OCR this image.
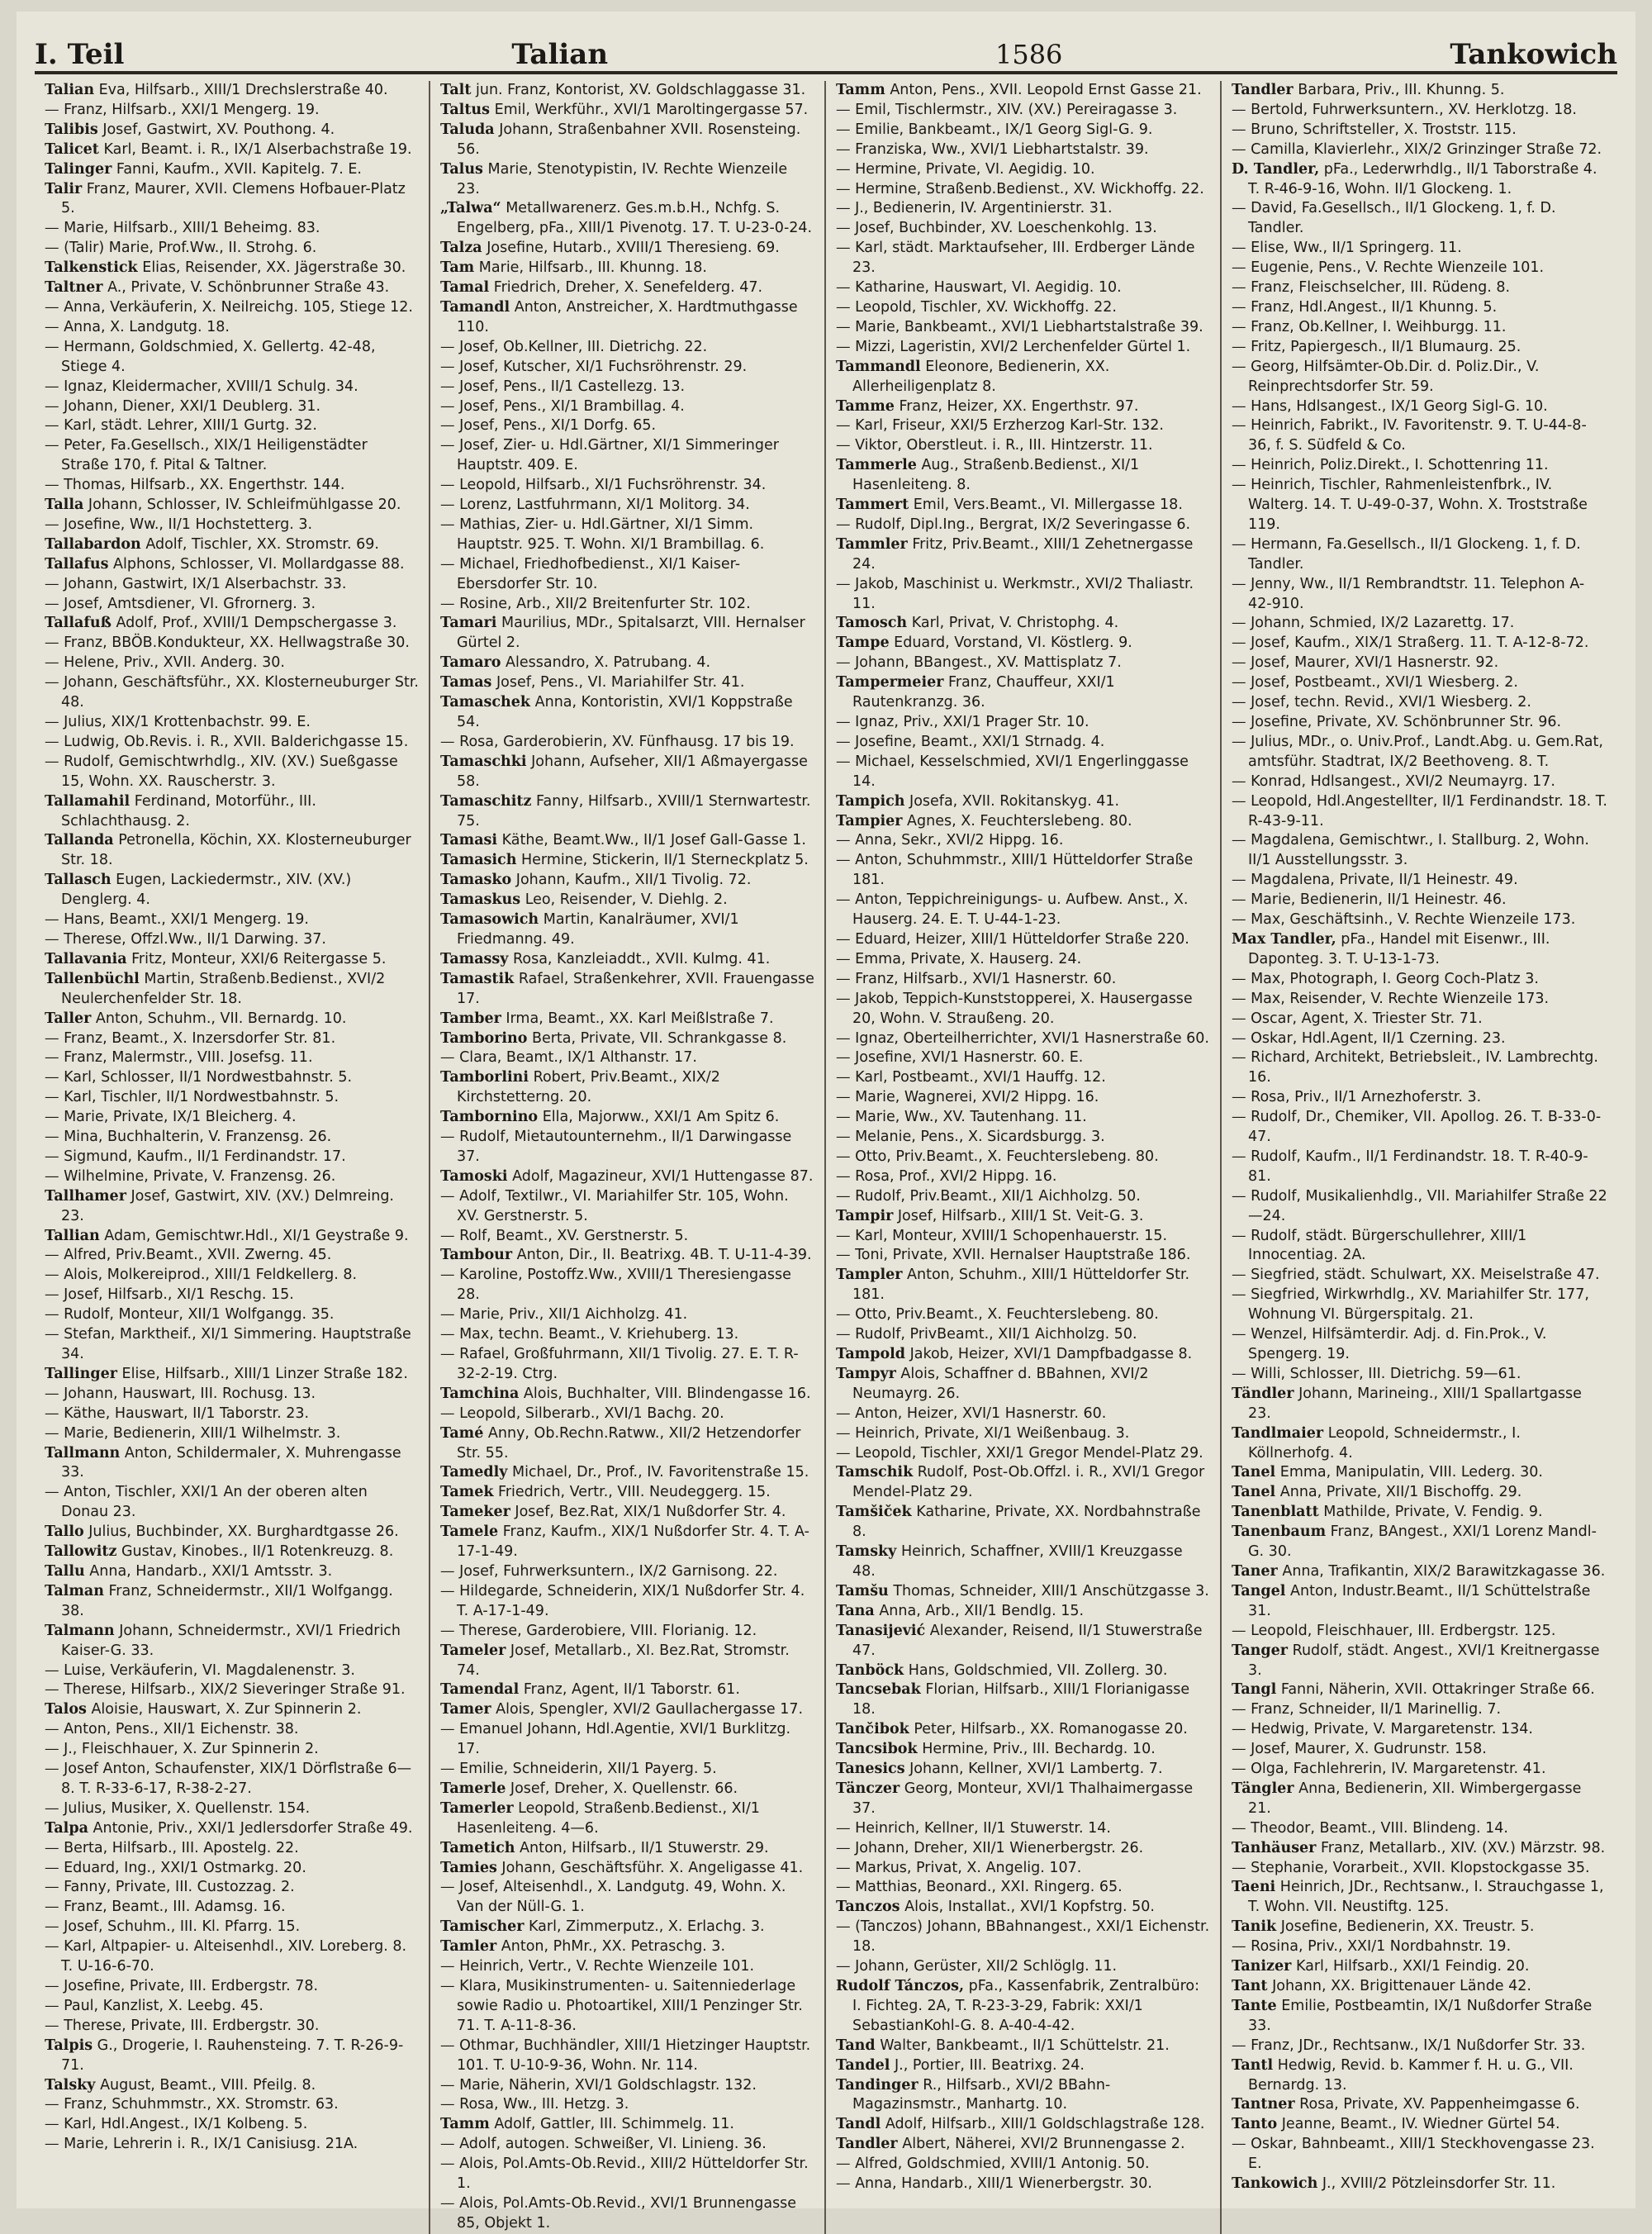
I. Teil	Talian	1586	Tankowich
Talian Eva, Hilfsarb., XIII/1 Drechslerstraße 40.
— Franz, Hilfsarb., XXI/1 Mengerg. 19.
Talibis Josef, Gastwirt, XV. Pouthong. 4.
Talicet Karl, Beamt. i. R., IX/1 Alserbachstraße 19.
Talinger Fanni, Kaufm., XVII. Kapitelg. 7. E.
Talir Franz, Maurer, XVII. Clemens Hofbauer-Platz 5.
— Marie, Hilfsarb., XIII/1 Beheimg. 83.
— (Talir) Marie, Prof.Ww., II. Strohg. 6.
Talkenstick Elias, Reisender, XX. Jägerstraße 30.
Taltner A., Private, V. Schönbrunner Straße 43.
— Anna, Verkäuferin, X. Neilreichg. 105, Stiege 12.
— Anna, X. Landgutg. 18.
— Hermann, Goldschmied, X. Gellertg. 42-48, Stiege 4.
— Ignaz, Kleidermacher, XVIII/1 Schulg. 34.
— Johann, Diener, XXI/1 Deublerg. 31.
— Karl, städt. Lehrer, XIII/1 Gurtg. 32.
— Peter, Fa.Gesellsch., XIX/1 Heiligenstädter Straße 170, f. Pital & Taltner.
— Thomas, Hilfsarb., XX. Engerthstr. 144.
Talla Johann, Schlosser, IV. Schleifmühlgasse 20.
— Josefine, Ww., II/1 Hochstetterg. 3.
Tallabardon Adolf, Tischler, XX. Stromstr. 69.
Tallafus Alphons, Schlosser, VI. Mollardgasse 88.
— Johann, Gastwirt, IX/1 Alserbachstr. 33.
— Josef, Amtsdiener, VI. Gfrornerg. 3.
Tallafuß Adolf, Prof., XVIII/1 Dempschergasse 3.
— Franz, BBÖB.Kondukteur, XX. Hellwagstraße 30.
— Helene, Priv., XVII. Anderg. 30.
— Johann, Geschäftsführ., XX. Klosterneuburger Str. 48.
— Julius, XIX/1 Krottenbachstr. 99. E.
— Ludwig, Ob.Revis. i. R., XVII. Balderichgasse 15.
— Rudolf, Gemischtwrhdlg., XIV. (XV.) Sueßgasse 15, Wohn. XX. Rauscherstr. 3.
Tallamahil Ferdinand, Motorführ., III. Schlachthausg. 2.
Tallanda Petronella, Köchin, XX. Klosterneuburger Str. 18.
Tallasch Eugen, Lackiedermstr., XIV. (XV.) Denglerg. 4.
— Hans, Beamt., XXI/1 Mengerg. 19.
— Therese, Offzl.Ww., II/1 Darwing. 37.
Tallavania Fritz, Monteur, XXI/6 Reitergasse 5.
Tallenbüchl Martin, Straßenb.Bedienst., XVI/2 Neulerchenfelder Str. 18.
Taller Anton, Schuhm., VII. Bernardg. 10.
— Franz, Beamt., X. Inzersdorfer Str. 81.
— Franz, Malermstr., VIII. Josefsg. 11.
— Karl, Schlosser, II/1 Nordwestbahnstr. 5.
— Karl, Tischler, II/1 Nordwestbahnstr. 5.
— Marie, Private, IX/1 Bleicherg. 4.
— Mina, Buchhalterin, V. Franzensg. 26.
— Sigmund, Kaufm., II/1 Ferdinandstr. 17.
— Wilhelmine, Private, V. Franzensg. 26.
Tallhamer Josef, Gastwirt, XIV. (XV.) Delmreing. 23.
Tallian Adam, Gemischtwr.Hdl., XI/1 Geystraße 9.
— Alfred, Priv.Beamt., XVII. Zwerng. 45.
— Alois, Molkereiprod., XIII/1 Feldkellerg. 8.
— Josef, Hilfsarb., XI/1 Reschg. 15.
— Rudolf, Monteur, XII/1 Wolfgangg. 35.
— Stefan, Marktheif., XI/1 Simmering. Hauptstraße 34.
Tallinger Elise, Hilfsarb., XIII/1 Linzer Straße 182.
— Johann, Hauswart, III. Rochusg. 13.
— Käthe, Hauswart, II/1 Taborstr. 23.
— Marie, Bedienerin, XIII/1 Wilhelmstr. 3.
Tallmann Anton, Schildermaler, X. Muhrengasse 33.
— Anton, Tischler, XXI/1 An der oberen alten Donau 23.
Tallo Julius, Buchbinder, XX. Burghardtgasse 26.
Tallowitz Gustav, Kinobes., II/1 Rotenkreuzg. 8.
Tallu Anna, Handarb., XXI/1 Amtsstr. 3.
Talman Franz, Schneidermstr., XII/1 Wolfgangg. 38.
Talmann Johann, Schneidermstr., XVI/1 Friedrich Kaiser-G. 33.
— Luise, Verkäuferin, VI. Magdalenenstr. 3.
— Therese, Hilfsarb., XIX/2 Sieveringer Straße 91.
Talos Aloisie, Hauswart, X. Zur Spinnerin 2.
— Anton, Pens., XII/1 Eichenstr. 38.
— J., Fleischhauer, X. Zur Spinnerin 2.
— Josef Anton, Schaufenster, XIX/1 Dörflstraße 6—8. T. R-33-6-17, R-38-2-27.
— Julius, Musiker, X. Quellenstr. 154.
Talpa Antonie, Priv., XXI/1 Jedlersdorfer Straße 49.
— Berta, Hilfsarb., III. Apostelg. 22.
— Eduard, Ing., XXI/1 Ostmarkg. 20.
— Fanny, Private, III. Custozzag. 2.
— Franz, Beamt., III. Adamsg. 16.
— Josef, Schuhm., III. Kl. Pfarrg. 15.
— Karl, Altpapier- u. Alteisenhdl., XIV. Loreberg. 8. T. U-16-6-70.
— Josefine, Private, III. Erdbergstr. 78.
— Paul, Kanzlist, X. Leebg. 45.
— Therese, Private, III. Erdbergstr. 30.
Talpis G., Drogerie, I. Rauhensteing. 7. T. R-26-9-71.
Talsky August, Beamt., VIII. Pfeilg. 8.
— Franz, Schuhmmstr., XX. Stromstr. 63.
— Karl, Hdl.Angest., IX/1 Kolbeng. 5.
— Marie, Lehrerin i. R., IX/1 Canisiusg. 21A.
Talt jun. Franz, Kontorist, XV. Goldschlaggasse 31.
Taltus Emil, Werkführ., XVI/1 Maroltingergasse 57.
Taluda Johann, Straßenbahner XVII. Rosensteing. 56.
Talus Marie, Stenotypistin, IV. Rechte Wienzeile 23.
„Talwa“ Metallwarenerz. Ges.m.b.H., Nchfg. S. Engelberg, pFa., XIII/1 Pivenotg. 17. T. U-23-0-24.
Talza Josefine, Hutarb., XVIII/1 Theresieng. 69.
Tam Marie, Hilfsarb., III. Khunng. 18.
Tamal Friedrich, Dreher, X. Senefelderg. 47.
Tamandl Anton, Anstreicher, X. Hardtmuthgasse 110.
— Josef, Ob.Kellner, III. Dietrichg. 22.
— Josef, Kutscher, XI/1 Fuchsröhrenstr. 29.
— Josef, Pens., II/1 Castellezg. 13.
— Josef, Pens., XI/1 Brambillag. 4.
— Josef, Pens., XI/1 Dorfg. 65.
— Josef, Zier- u. Hdl.Gärtner, XI/1 Simmeringer Hauptstr. 409. E.
— Leopold, Hilfsarb., XI/1 Fuchsröhrenstr. 34.
— Lorenz, Lastfuhrmann, XI/1 Molitorg. 34.
— Mathias, Zier- u. Hdl.Gärtner, XI/1 Simm. Hauptstr. 925. T. Wohn. XI/1 Brambillag. 6.
— Michael, Friedhofbedienst., XI/1 Kaiser-Ebersdorfer Str. 10.
— Rosine, Arb., XII/2 Breitenfurter Str. 102.
Tamari Maurilius, MDr., Spitalsarzt, VIII. Hernalser Gürtel 2.
Tamaro Alessandro, X. Patrubang. 4.
Tamas Josef, Pens., VI. Mariahilfer Str. 41.
Tamaschek Anna, Kontoristin, XVI/1 Koppstraße 54.
— Rosa, Garderobierin, XV. Fünfhausg. 17 bis 19.
Tamaschki Johann, Aufseher, XII/1 Aßmayergasse 58.
Tamaschitz Fanny, Hilfsarb., XVIII/1 Sternwartestr. 75.
Tamasi Käthe, Beamt.Ww., II/1 Josef Gall-Gasse 1.
Tamasich Hermine, Stickerin, II/1 Sterneckplatz 5.
Tamasko Johann, Kaufm., XII/1 Tivolig. 72.
Tamaskus Leo, Reisender, V. Diehlg. 2.
Tamasowich Martin, Kanalräumer, XVI/1 Friedmanng. 49.
Tamassy Rosa, Kanzleiaddt., XVII. Kulmg. 41.
Tamastik Rafael, Straßenkehrer, XVII. Frauengasse 17.
Tamber Irma, Beamt., XX. Karl Meißlstraße 7.
Tamborino Berta, Private, VII. Schrankgasse 8.
— Clara, Beamt., IX/1 Althanstr. 17.
Tamborlini Robert, Priv.Beamt., XIX/2 Kirchstetterng. 20.
Tambornino Ella, Majorww., XXI/1 Am Spitz 6.
— Rudolf, Mietautounternehm., II/1 Darwingasse 37.
Tamoski Adolf, Magazineur, XVI/1 Huttengasse 87.
— Adolf, Textilwr., VI. Mariahilfer Str. 105, Wohn. XV. Gerstnerstr. 5.
— Rolf, Beamt., XV. Gerstnerstr. 5.
Tambour Anton, Dir., II. Beatrixg. 4B. T. U-11-4-39.
— Karoline, Postoffz.Ww., XVIII/1 Theresiengasse 28.
— Marie, Priv., XII/1 Aichholzg. 41.
— Max, techn. Beamt., V. Kriehuberg. 13.
— Rafael, Großfuhrmann, XII/1 Tivolig. 27. E. T. R-32-2-19. Ctrg.
Tamchina Alois, Buchhalter, VIII. Blindengasse 16.
— Leopold, Silberarb., XVI/1 Bachg. 20.
Tamé Anny, Ob.Rechn.Ratww., XII/2 Hetzendorfer Str. 55.
Tamedly Michael, Dr., Prof., IV. Favoritenstraße 15.
Tamek Friedrich, Vertr., VIII. Neudeggerg. 15.
Tameker Josef, Bez.Rat, XIX/1 Nußdorfer Str. 4.
Tamele Franz, Kaufm., XIX/1 Nußdorfer Str. 4. T. A-17-1-49.
— Josef, Fuhrwerksuntern., IX/2 Garnisong. 22.
— Hildegarde, Schneiderin, XIX/1 Nußdorfer Str. 4. T. A-17-1-49.
— Therese, Garderobiere, VIII. Florianig. 12.
Tameler Josef, Metallarb., XI. Bez.Rat, Stromstr. 74.
Tamendal Franz, Agent, II/1 Taborstr. 61.
Tamer Alois, Spengler, XVI/2 Gaullachergasse 17.
— Emanuel Johann, Hdl.Agentie, XVI/1 Burklitzg. 17.
— Emilie, Schneiderin, XII/1 Payerg. 5.
Tamerle Josef, Dreher, X. Quellenstr. 66.
Tamerler Leopold, Straßenb.Bedienst., XI/1 Hasenleiteng. 4—6.
Tametich Anton, Hilfsarb., II/1 Stuwerstr. 29.
Tamies Johann, Geschäftsführ. X. Angeligasse 41.
— Josef, Alteisenhdl., X. Landgutg. 49, Wohn. X. Van der Nüll-G. 1.
Tamischer Karl, Zimmerputz., X. Erlachg. 3.
Tamler Anton, PhMr., XX. Petraschg. 3.
— Heinrich, Vertr., V. Rechte Wienzeile 101.
— Klara, Musikinstrumenten- u. Saitenniederlage sowie Radio u. Photoartikel, XIII/1 Penzinger Str. 71. T. A-11-8-36.
— Othmar, Buchhändler, XIII/1 Hietzinger Hauptstr. 101. T. U-10-9-36, Wohn. Nr. 114.
— Marie, Näherin, XVI/1 Goldschlagstr. 132.
— Rosa, Ww., III. Hetzg. 3.
Tamm Adolf, Gattler, III. Schimmelg. 11.
— Adolf, autogen. Schweißer, VI. Linieng. 36.
— Alois, Pol.Amts-Ob.Revid., XIII/2 Hütteldorfer Str. 1.
— Alois, Pol.Amts-Ob.Revid., XVI/1 Brunnengasse 85, Objekt 1.
Tamm Anton, Pens., XVII. Leopold Ernst Gasse 21.
— Emil, Tischlermstr., XIV. (XV.) Pereiragasse 3.
— Emilie, Bankbeamt., IX/1 Georg Sigl-G. 9.
— Franziska, Ww., XVI/1 Liebhartstalstr. 39.
— Hermine, Private, VI. Aegidig. 10.
— Hermine, Straßenb.Bedienst., XV. Wickhoffg. 22.
— J., Bedienerin, IV. Argentinierstr. 31.
— Josef, Buchbinder, XV. Loeschenkohlg. 13.
— Karl, städt. Marktaufseher, III. Erdberger Lände 23.
— Katharine, Hauswart, VI. Aegidig. 10.
— Leopold, Tischler, XV. Wickhoffg. 22.
— Marie, Bankbeamt., XVI/1 Liebhartstalstraße 39.
— Mizzi, Lageristin, XVI/2 Lerchenfelder Gürtel 1.
Tammandl Eleonore, Bedienerin, XX. Allerheiligenplatz 8.
Tamme Franz, Heizer, XX. Engerthstr. 97.
— Karl, Friseur, XXI/5 Erzherzog Karl-Str. 132.
— Viktor, Oberstleut. i. R., III. Hintzerstr. 11.
Tammerle Aug., Straßenb.Bedienst., XI/1 Hasenleiteng. 8.
Tammert Emil, Vers.Beamt., VI. Millergasse 18.
— Rudolf, Dipl.Ing., Bergrat, IX/2 Severingasse 6.
Tammler Fritz, Priv.Beamt., XIII/1 Zehetnergasse 24.
— Jakob, Maschinist u. Werkmstr., XVI/2 Thaliastr. 11.
Tamosch Karl, Privat, V. Christophg. 4.
Tampe Eduard, Vorstand, VI. Köstlerg. 9.
— Johann, BBangest., XV. Mattisplatz 7.
Tampermeier Franz, Chauffeur, XXI/1 Rautenkranzg. 36.
— Ignaz, Priv., XXI/1 Prager Str. 10.
— Josefine, Beamt., XXI/1 Strnadg. 4.
— Michael, Kesselschmied, XVI/1 Engerlinggasse 14.
Tampich Josefa, XVII. Rokitanskyg. 41.
Tampier Agnes, X. Feuchterslebeng. 80.
— Anna, Sekr., XVI/2 Hippg. 16.
— Anton, Schuhmmstr., XIII/1 Hütteldorfer Straße 181.
— Anton, Teppichreinigungs- u. Aufbew. Anst., X. Hauserg. 24. E. T. U-44-1-23.
— Eduard, Heizer, XIII/1 Hütteldorfer Straße 220.
— Emma, Private, X. Hauserg. 24.
— Franz, Hilfsarb., XVI/1 Hasnerstr. 60.
— Jakob, Teppich-Kunststopperei, X. Hausergasse 20, Wohn. V. Straußeng. 20.
— Ignaz, Oberteilherrichter, XVI/1 Hasnerstraße 60.
— Josefine, XVI/1 Hasnerstr. 60. E.
— Karl, Postbeamt., XVI/1 Hauffg. 12.
— Marie, Wagnerei, XVI/2 Hippg. 16.
— Marie, Ww., XV. Tautenhang. 11.
— Melanie, Pens., X. Sicardsburgg. 3.
— Otto, Priv.Beamt., X. Feuchterslebeng. 80.
— Rosa, Prof., XVI/2 Hippg. 16.
— Rudolf, Priv.Beamt., XII/1 Aichholzg. 50.
Tampir Josef, Hilfsarb., XIII/1 St. Veit-G. 3.
— Karl, Monteur, XVIII/1 Schopenhauerstr. 15.
— Toni, Private, XVII. Hernalser Hauptstraße 186.
Tampler Anton, Schuhm., XIII/1 Hütteldorfer Str. 181.
— Otto, Priv.Beamt., X. Feuchterslebeng. 80.
— Rudolf, PrivBeamt., XII/1 Aichholzg. 50.
Tampold Jakob, Heizer, XVI/1 Dampfbadgasse 8.
Tampyr Alois, Schaffner d. BBahnen, XVI/2 Neumayrg. 26.
— Anton, Heizer, XVI/1 Hasnerstr. 60.
— Heinrich, Private, XI/1 Weißenbaug. 3.
— Leopold, Tischler, XXI/1 Gregor Mendel-Platz 29.
Tamschik Rudolf, Post-Ob.Offzl. i. R., XVI/1 Gregor Mendel-Platz 29.
Tamšiček Katharine, Private, XX. Nordbahnstraße 8.
Tamsky Heinrich, Schaffner, XVIII/1 Kreuzgasse 48.
Tamšu Thomas, Schneider, XIII/1 Anschützgasse 3.
Tana Anna, Arb., XII/1 Bendlg. 15.
Tanasijević Alexander, Reisend, II/1 Stuwerstraße 47.
Tanböck Hans, Goldschmied, VII. Zollerg. 30.
Tancsebak Florian, Hilfsarb., XIII/1 Florianigasse 18.
Tančibok Peter, Hilfsarb., XX. Romanogasse 20.
Tancsibok Hermine, Priv., III. Bechardg. 10.
Tanesics Johann, Kellner, XVI/1 Lambertg. 7.
Tänczer Georg, Monteur, XVI/1 Thalhaimergasse 37.
— Heinrich, Kellner, II/1 Stuwerstr. 14.
— Johann, Dreher, XII/1 Wienerbergstr. 26.
— Markus, Privat, X. Angelig. 107.
— Matthias, Beonard., XXI. Ringerg. 65.
Tanczos Alois, Installat., XVI/1 Kopfstrg. 50.
— (Tanczos) Johann, BBahnangest., XXI/1 Eichenstr. 18.
— Johann, Gerüster, XII/2 Schlöglg. 11.
Rudolf Tánczos, pFa., Kassenfabrik, Zentralbüro: I. Fichteg. 2A, T. R-23-3-29, Fabrik: XXI/1 SebastianKohl-G. 8. A-40-4-42.
Tand Walter, Bankbeamt., II/1 Schüttelstr. 21.
Tandel J., Portier, III. Beatrixg. 24.
Tandinger R., Hilfsarb., XVI/2 BBahn-Magazinsmstr., Manhartg. 10.
Tandl Adolf, Hilfsarb., XIII/1 Goldschlagstraße 128.
Tandler Albert, Näherei, XVI/2 Brunnengasse 2.
— Alfred, Goldschmied, XVIII/1 Antonig. 50.
— Anna, Handarb., XIII/1 Wienerbergstr. 30.
Tandler Barbara, Priv., III. Khunng. 5.
— Bertold, Fuhrwerksuntern., XV. Herklotzg. 18.
— Bruno, Schriftsteller, X. Troststr. 115.
— Camilla, Klavierlehr., XIX/2 Grinzinger Straße 72.
D. Tandler, pFa., Lederwrhdlg., II/1 Taborstraße 4. T. R-46-9-16, Wohn. II/1 Glockeng. 1.
— David, Fa.Gesellsch., II/1 Glockeng. 1, f. D. Tandler.
— Elise, Ww., II/1 Springerg. 11.
— Eugenie, Pens., V. Rechte Wienzeile 101.
— Franz, Fleischselcher, III. Rüdeng. 8.
— Franz, Hdl.Angest., II/1 Khunng. 5.
— Franz, Ob.Kellner, I. Weihburgg. 11.
— Fritz, Papiergesch., II/1 Blumaurg. 25.
— Georg, Hilfsämter-Ob.Dir. d. Poliz.Dir., V. Reinprechtsdorfer Str. 59.
— Hans, Hdlsangest., IX/1 Georg Sigl-G. 10.
— Heinrich, Fabrikt., IV. Favoritenstr. 9. T. U-44-8-36, f. S. Südfeld & Co.
— Heinrich, Poliz.Direkt., I. Schottenring 11.
— Heinrich, Tischler, Rahmenleistenfbrk., IV. Walterg. 14. T. U-49-0-37, Wohn. X. Troststraße 119.
— Hermann, Fa.Gesellsch., II/1 Glockeng. 1, f. D. Tandler.
— Jenny, Ww., II/1 Rembrandtstr. 11. Telephon A-42-910.
— Johann, Schmied, IX/2 Lazarettg. 17.
— Josef, Kaufm., XIX/1 Straßerg. 11. T. A-12-8-72.
— Josef, Maurer, XVI/1 Hasnerstr. 92.
— Josef, Postbeamt., XVI/1 Wiesberg. 2.
— Josef, techn. Revid., XVI/1 Wiesberg. 2.
— Josefine, Private, XV. Schönbrunner Str. 96.
— Julius, MDr., o. Univ.Prof., Landt.Abg. u. Gem.Rat, amtsführ. Stadtrat, IX/2 Beethoveng. 8. T.
— Konrad, Hdlsangest., XVI/2 Neumayrg. 17.
— Leopold, Hdl.Angestellter, II/1 Ferdinandstr. 18. T. R-43-9-11.
— Magdalena, Gemischtwr., I. Stallburg. 2, Wohn. II/1 Ausstellungsstr. 3.
— Magdalena, Private, II/1 Heinestr. 49.
— Marie, Bedienerin, II/1 Heinestr. 46.
— Max, Geschäftsinh., V. Rechte Wienzeile 173.
Max Tandler, pFa., Handel mit Eisenwr., III. Daponteg. 3. T. U-13-1-73.
— Max, Photograph, I. Georg Coch-Platz 3.
— Max, Reisender, V. Rechte Wienzeile 173.
— Oscar, Agent, X. Triester Str. 71.
— Oskar, Hdl.Agent, II/1 Czerning. 23.
— Richard, Architekt, Betriebsleit., IV. Lambrechtg. 16.
— Rosa, Priv., II/1 Arnezhoferstr. 3.
— Rudolf, Dr., Chemiker, VII. Apollog. 26. T. B-33-0-47.
— Rudolf, Kaufm., II/1 Ferdinandstr. 18. T. R-40-9-81.
— Rudolf, Musikalienhdlg., VII. Mariahilfer Straße 22—24.
— Rudolf, städt. Bürgerschullehrer, XIII/1 Innocentiag. 2A.
— Siegfried, städt. Schulwart, XX. Meiselstraße 47.
— Siegfried, Wirkwrhdlg., XV. Mariahilfer Str. 177, Wohnung VI. Bürgerspitalg. 21.
— Wenzel, Hilfsämterdir. Adj. d. Fin.Prok., V. Spengerg. 19.
— Willi, Schlosser, III. Dietrichg. 59—61.
Tändler Johann, Marineing., XIII/1 Spallartgasse 23.
Tandlmaier Leopold, Schneidermstr., I. Köllnerhofg. 4.
Tanel Emma, Manipulatin, VIII. Lederg. 30.
Tanel Anna, Private, XII/1 Bischoffg. 29.
Tanenblatt Mathilde, Private, V. Fendig. 9.
Tanenbaum Franz, BAngest., XXI/1 Lorenz Mandl-G. 30.
Taner Anna, Trafikantin, XIX/2 Barawitzkagasse 36.
Tangel Anton, Industr.Beamt., II/1 Schüttelstraße 31.
— Leopold, Fleischhauer, III. Erdbergstr. 125.
Tanger Rudolf, städt. Angest., XVI/1 Kreitnergasse 3.
Tangl Fanni, Näherin, XVII. Ottakringer Straße 66.
— Franz, Schneider, II/1 Marinellig. 7.
— Hedwig, Private, V. Margaretenstr. 134.
— Josef, Maurer, X. Gudrunstr. 158.
— Olga, Fachlehrerin, IV. Margaretenstr. 41.
Tängler Anna, Bedienerin, XII. Wimbergergasse 21.
— Theodor, Beamt., VIII. Blindeng. 14.
Tanhäuser Franz, Metallarb., XIV. (XV.) Märzstr. 98.
— Stephanie, Vorarbeit., XVII. Klopstockgasse 35.
Taeni Heinrich, JDr., Rechtsanw., I. Strauchgasse 1, T. Wohn. VII. Neustiftg. 125.
Tanik Josefine, Bedienerin, XX. Treustr. 5.
— Rosina, Priv., XXI/1 Nordbahnstr. 19.
Tanizer Karl, Hilfsarb., XXI/1 Feindig. 20.
Tant Johann, XX. Brigittenauer Lände 42.
Tante Emilie, Postbeamtin, IX/1 Nußdorfer Straße 33.
— Franz, JDr., Rechtsanw., IX/1 Nußdorfer Str. 33.
Tantl Hedwig, Revid. b. Kammer f. H. u. G., VII. Bernardg. 13.
Tantner Rosa, Private, XV. Pappenheimgasse 6.
Tanto Jeanne, Beamt., IV. Wiedner Gürtel 54.
— Oskar, Bahnbeamt., XIII/1 Steckhovengasse 23. E.
Tankowich J., XVIII/2 Pötzleinsdorfer Str. 11.
